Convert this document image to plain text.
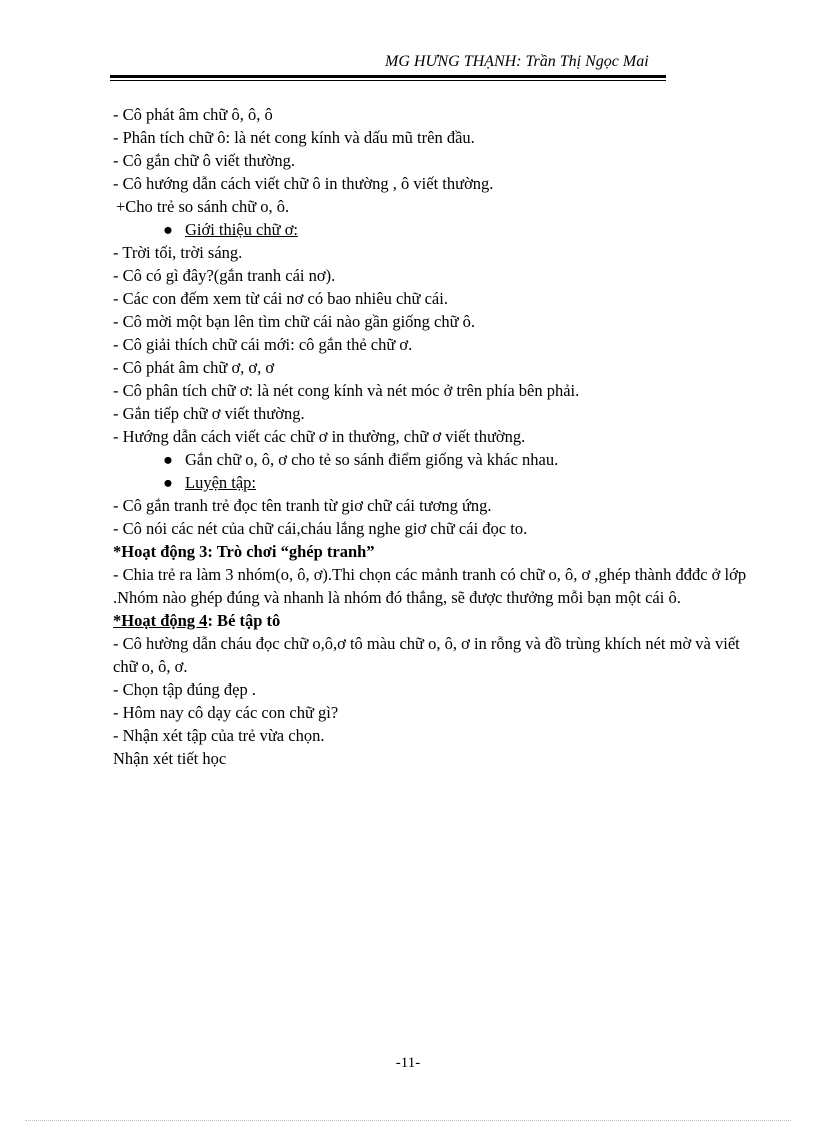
MG HƯNG THẠNH: Trần Thị Ngọc Mai
- Cô phát âm chữ ô, ô, ô
- Phân tích chữ ô: là nét cong kính và dấu mũ trên đầu.
- Cô gắn chữ ô viết thường.
- Cô hướng dẫn cách viết chữ ô in thường , ô viết thường.
+Cho trẻ so sánh chữ o, ô.
● Giới thiệu chữ ơ:
- Trời tối, trời sáng.
- Cô có gì đây?(gắn tranh cái nơ).
- Các con đếm xem từ cái nơ có bao nhiêu chữ cái.
- Cô mời một bạn lên tìm chữ cái nào gần giống chữ ô.
- Cô giải thích chữ cái mới: cô gắn thẻ chữ ơ.
- Cô phát âm chữ ơ, ơ, ơ
- Cô phân tích chữ ơ: là nét cong kính và nét móc ở trên phía bên phải.
- Gắn tiếp chữ ơ viết thường.
- Hướng dẫn cách viết các chữ ơ in thường, chữ ơ viết thường.
● Gắn chữ o, ô, ơ cho tẻ so sánh điểm giống và khác nhau.
● Luyện tập:
- Cô gắn tranh trẻ đọc tên tranh từ giơ chữ cái tương ứng.
- Cô nói các nét của chữ cái,cháu lắng nghe giơ chữ cái đọc to.
*Hoạt động 3: Trò chơi “ghép tranh”
- Chia trẻ ra làm 3 nhóm(o, ô, ơ).Thi chọn các mảnh tranh có chữ o, ô, ơ ,ghép thành đđđc ở lớp .Nhóm nào ghép đúng và nhanh là nhóm đó thắng, sẽ được thưởng mỗi bạn một cái ô.
*Hoạt động 4: Bé tập tô
- Cô hường dẫn cháu đọc chữ o,ô,ơ tô màu chữ o, ô, ơ in rỗng và đồ trùng khích nét mờ và viết chữ o, ô, ơ.
- Chọn tập đúng đẹp .
- Hôm nay cô dạy các con chữ gì?
- Nhận xét tập của trẻ vừa chọn.
Nhận xét tiết học
-11-
